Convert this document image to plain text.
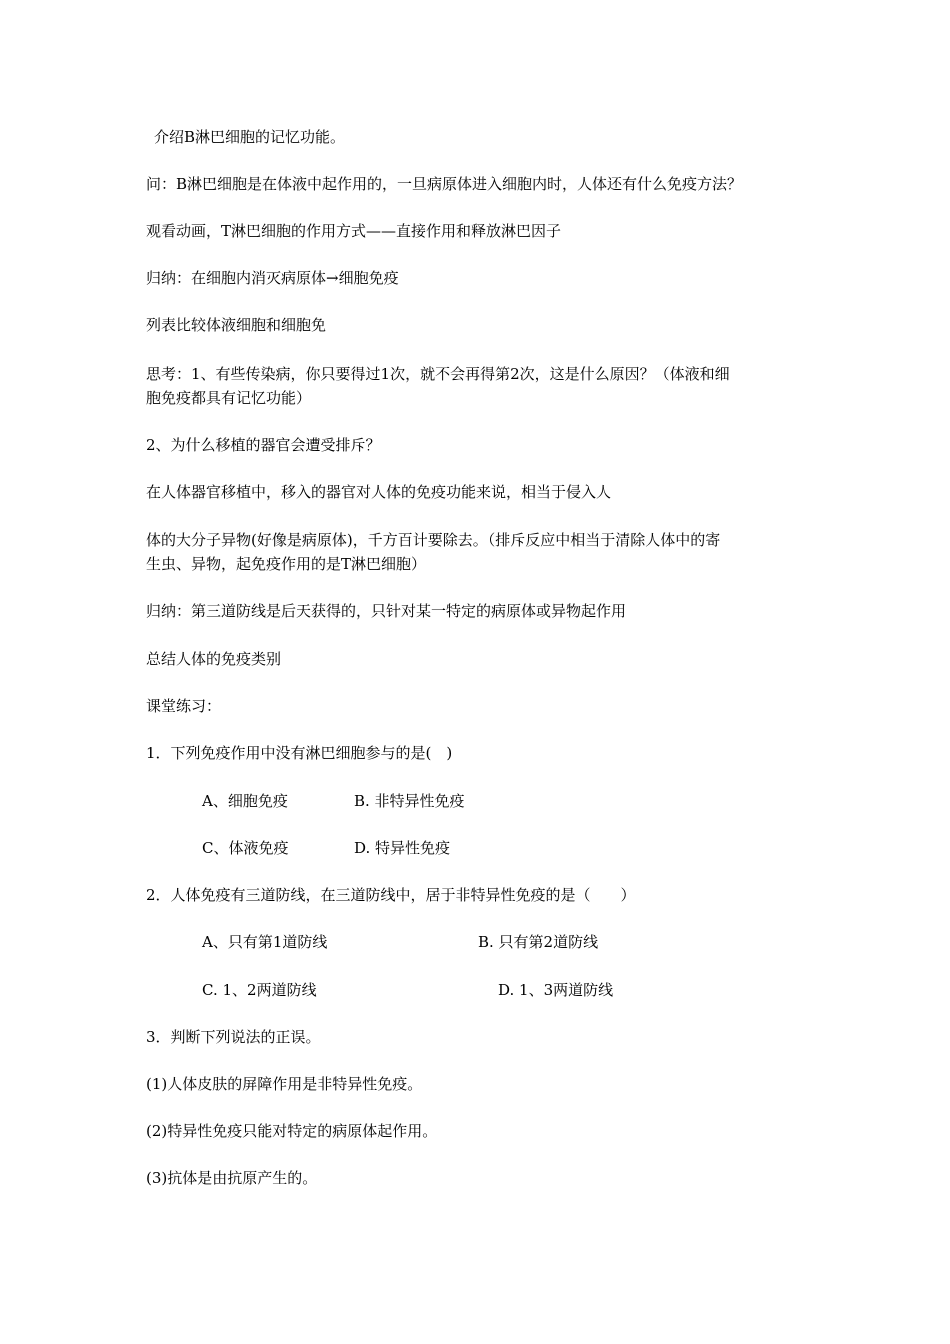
介绍B淋巴细胞的记忆功能。
问：B淋巴细胞是在体液中起作用的，一旦病原体进入细胞内时，人体还有什么免疫方法？
观看动画，T淋巴细胞的作用方式——直接作用和释放淋巴因子
归纳：在细胞内消灭病原体→细胞免疫
列表比较体液细胞和细胞免
思考：1、有些传染病，你只要得过1次，就不会再得第2次，这是什么原因？（体液和细
胞免疫都具有记忆功能）
2、为什么移植的器官会遭受排斥？
在人体器官移植中，移入的器官对人体的免疫功能来说，相当于侵入人
体的大分子异物(好像是病原体)，千方百计要除去。（排斥反应中相当于清除人体中的寄
生虫、异物，起免疫作用的是T淋巴细胞）
归纳：第三道防线是后天获得的，只针对某一特定的病原体或异物起作用
总结人体的免疫类别
课堂练习：
1．下列免疫作用中没有淋巴细胞参与的是(　)
A、细胞免疫	B. 非特异性免疫
C、体液免疫	D. 特异性免疫
2．人体免疫有三道防线，在三道防线中，居于非特异性免疫的是（　　）
A、只有第1道防线	B. 只有第2道防线
C. 1、2两道防线	D. 1、3两道防线
3．判断下列说法的正误。
(1)人体皮肤的屏障作用是非特异性免疫。
(2)特异性免疫只能对特定的病原体起作用。
(3)抗体是由抗原产生的。
